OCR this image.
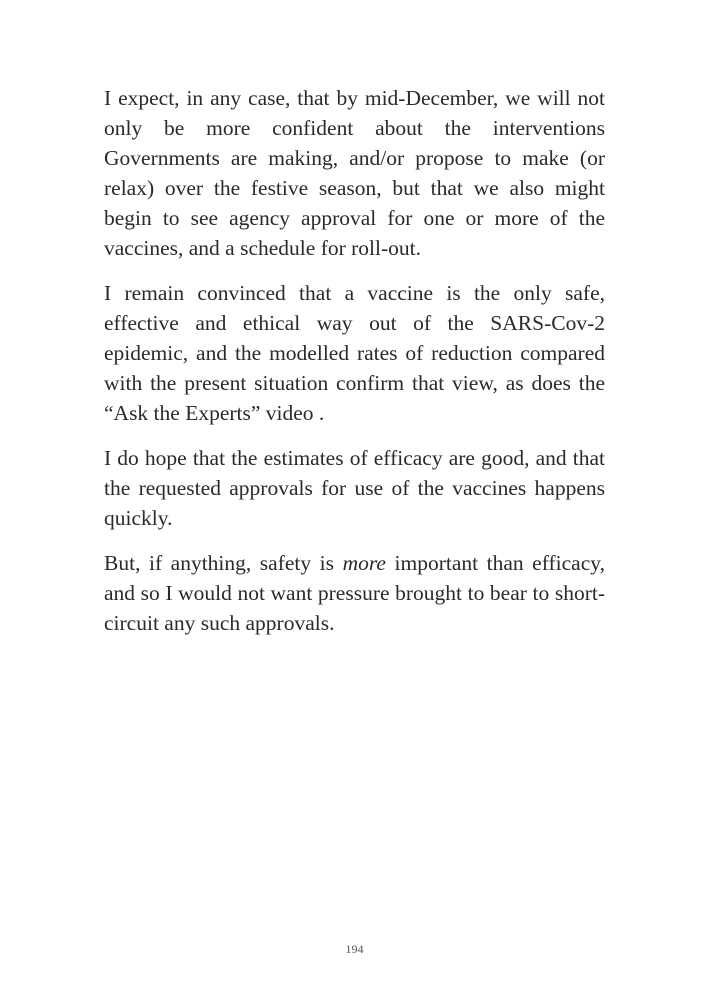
I expect, in any case, that by mid-December, we will not only be more confident about the interventions Governments are making, and/or propose to make (or relax) over the festive season, but that we also might begin to see agency approval for one or more of the vaccines, and a schedule for roll-out.

I remain convinced that a vaccine is the only safe, effective and ethical way out of the SARS-Cov-2 epidemic, and the modelled rates of reduction compared with the present situation confirm that view, as does the “Ask the Experts” video .

I do hope that the estimates of efficacy are good, and that the requested approvals for use of the vaccines happens quickly.

But, if anything, safety is more important than efficacy, and so I would not want pressure brought to bear to short-circuit any such approvals.

194
